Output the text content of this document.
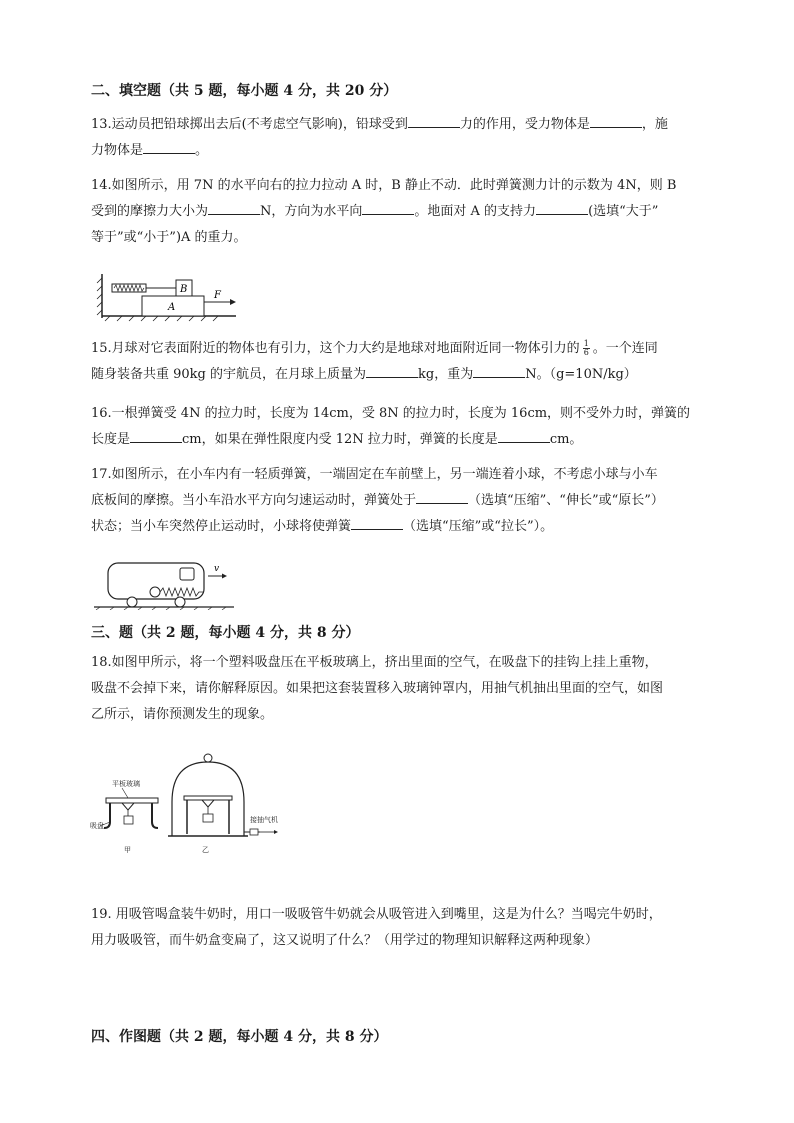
二、填空题（共 5 题，每小题 4 分，共 20 分）

13.运动员把铅球掷出去后(不考虑空气影响)，铅球受到	力的作用，受力物体是	，施
力物体是	。
14.如图所示，用 7N 的水平向右的拉力拉动 A 时，B 静止不动．此时弹簧测力计的示数为 4N，则 B
受到的摩擦力大小为	N，方向为水平向	。地面对 A 的支持力	(选填“大于”
等于”或“小于”)A 的重力。
B
A
F
15.月球对它表面附近的物体也有引力，这个力大约是地球对地面附近同一物体引力的 $\frac{1}{6}$ 。一个连同
随身装备共重 90kg 的宇航员，在月球上质量为	kg，重为	N。（g=10N/kg）
16.一根弹簧受 4N 的拉力时，长度为 14cm，受 8N 的拉力时，长度为 16cm，则不受外力时，弹簧的
长度是	cm，如果在弹性限度内受 12N 拉力时，弹簧的长度是	cm。
17.如图所示，在小车内有一轻质弹簧，一端固定在车前壁上，另一端连着小球，不考虑小球与小车
底板间的摩擦。当小车沿水平方向匀速运动时，弹簧处于	（选填“压缩”、“伸长”或“原长”）
状态；当小车突然停止运动时，小球将使弹簧	（选填“压缩”或“拉长”）。
v

三、题（共 2 题，每小题 4 分，共 8 分）

18.如图甲所示，将一个塑料吸盘压在平板玻璃上，挤出里面的空气，在吸盘下的挂钩上挂上重物，
吸盘不会掉下来，请你解释原因。如果把这套装置移入玻璃钟罩内，用抽气机抽出里面的空气，如图
乙所示，请你预测发生的现象。
平板玻璃
吸盘
甲
接抽气机
乙
19. 用吸管喝盒装牛奶时，用口一吸吸管牛奶就会从吸管进入到嘴里，这是为什么？当喝完牛奶时，
用力吸吸管，而牛奶盒变扁了，这又说明了什么？（用学过的物理知识解释这两种现象）

四、作图题（共 2 题，每小题 4 分，共 8 分）
